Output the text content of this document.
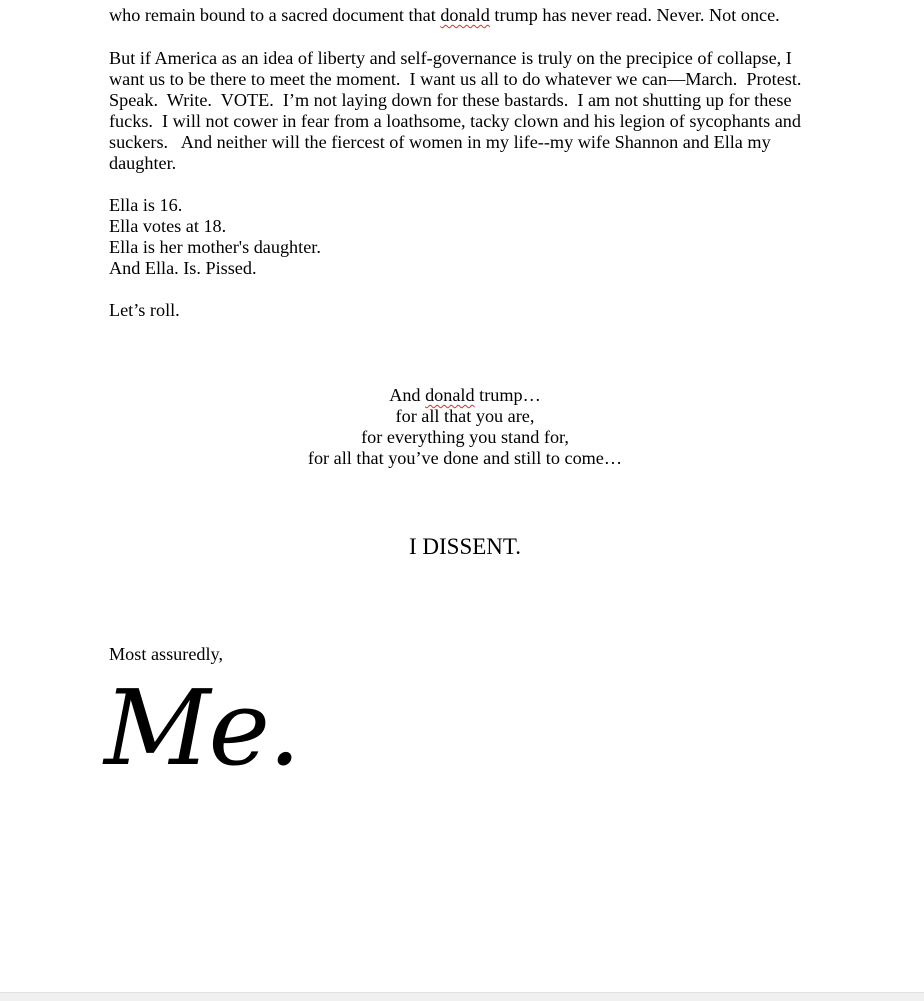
who remain bound to a sacred document that donald trump has never read. Never. Not once.

But if America as an idea of liberty and self-governance is truly on the precipice of collapse, I
want us to be there to meet the moment.  I want us all to do whatever we can—March.  Protest.
Speak.  Write.  VOTE.  I’m not laying down for these bastards.  I am not shutting up for these
fucks.  I will not cower in fear from a loathsome, tacky clown and his legion of sycophants and
suckers.   And neither will the fiercest of women in my life--my wife Shannon and Ella my
daughter.

Ella is 16.
Ella votes at 18.
Ella is her mother's daughter.
And Ella. Is. Pissed.

Let’s roll.

And donald trump…
for all that you are,
for everything you stand for,
for all that you’ve done and still to come…

I DISSENT.

Most assuredly,

Me.
